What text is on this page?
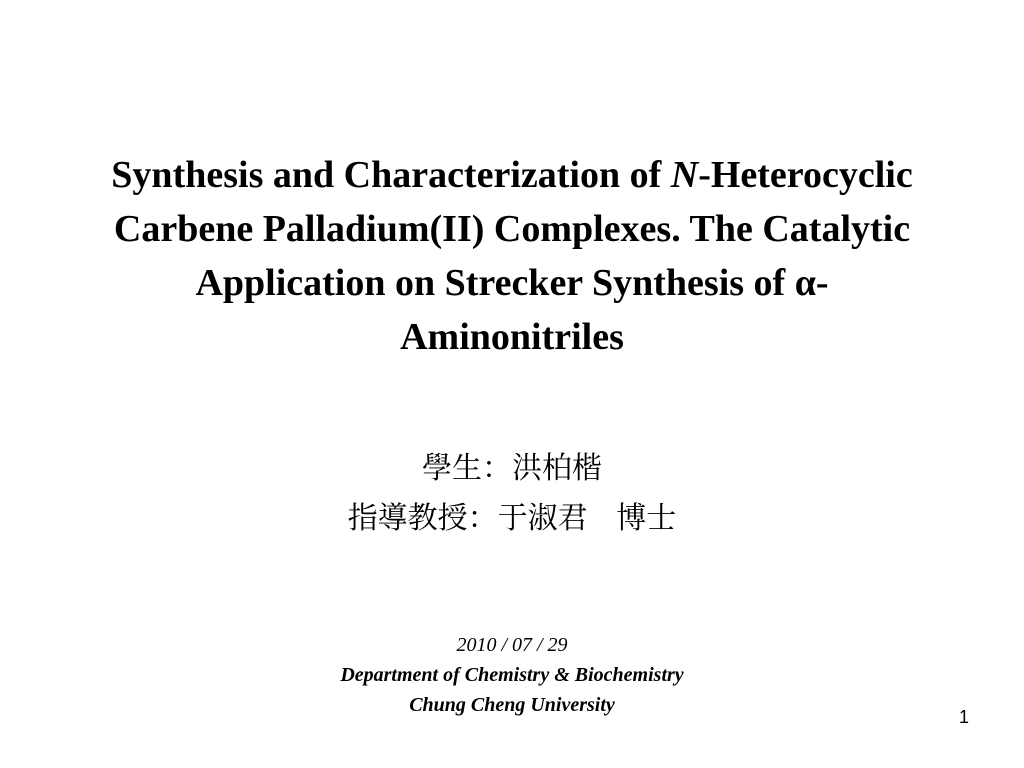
Synthesis and Characterization of N-Heterocyclic
Carbene Palladium(II) Complexes. The Catalytic
Application on Strecker Synthesis of α-
Aminonitriles
學生： 洪柏楷
指導教授： 于淑君
博士
2010 / 07 / 29
Department of Chemistry & Biochemistry
Chung Cheng University
1
